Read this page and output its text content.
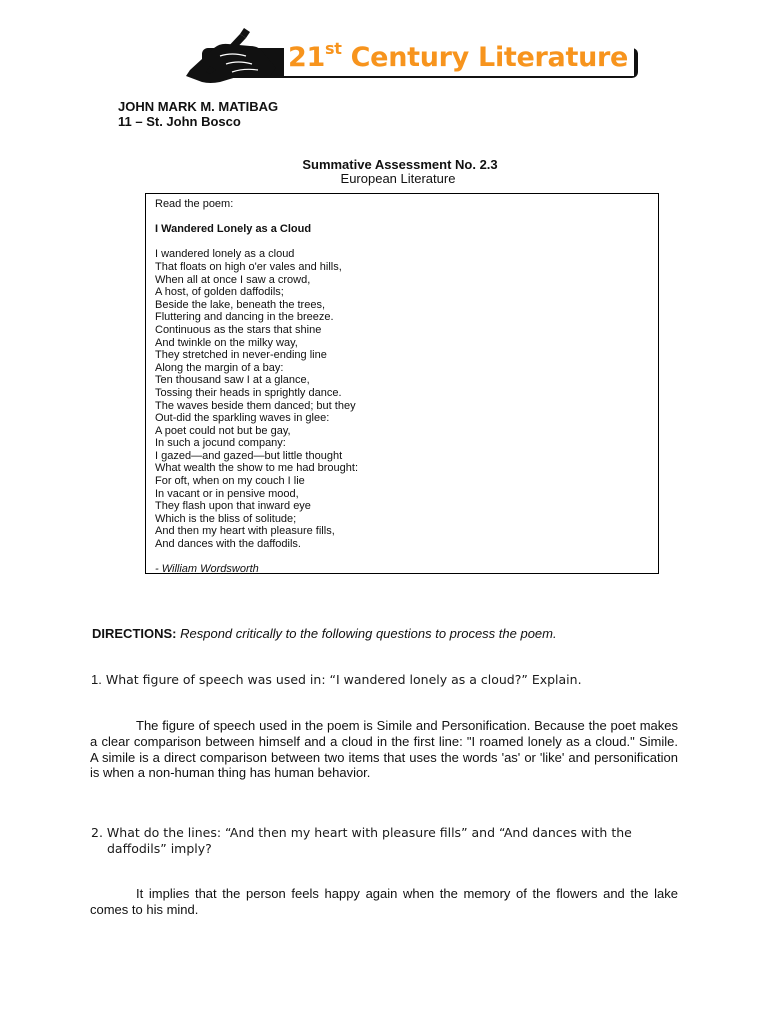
21st Century Literature
JOHN MARK M. MATIBAG
11 – St. John Bosco
Summative Assessment No. 2.3
European Literature
Read the poem:
I Wandered Lonely as a Cloud
I wandered lonely as a cloud
That floats on high o'er vales and hills,
When all at once I saw a crowd,
A host, of golden daffodils;
Beside the lake, beneath the trees,
Fluttering and dancing in the breeze.
Continuous as the stars that shine
And twinkle on the milky way,
They stretched in never-ending line
Along the margin of a bay:
Ten thousand saw I at a glance,
Tossing their heads in sprightly dance.
The waves beside them danced; but they
Out-did the sparkling waves in glee:
A poet could not but be gay,
In such a jocund company:
I gazed—and gazed—but little thought
What wealth the show to me had brought:
For oft, when on my couch I lie
In vacant or in pensive mood,
They flash upon that inward eye
Which is the bliss of solitude;
And then my heart with pleasure fills,
And dances with the daffodils.
- William Wordsworth
DIRECTIONS: Respond critically to the following questions to process the poem.
1. What figure of speech was used in: “I wandered lonely as a cloud?” Explain.

The figure of speech used in the poem is Simile and Personification. Because the poet makes a clear comparison between himself and a cloud in the first line: "I roamed lonely as a cloud." Simile. A simile is a direct comparison between two items that uses the words 'as' or 'like' and personification is when a non-human thing has human behavior.

2. What do the lines: “And then my heart with pleasure fills” and “And dances with the
daffodils” imply?

It implies that the person feels happy again when the memory of the flowers and the lake comes to his mind.
